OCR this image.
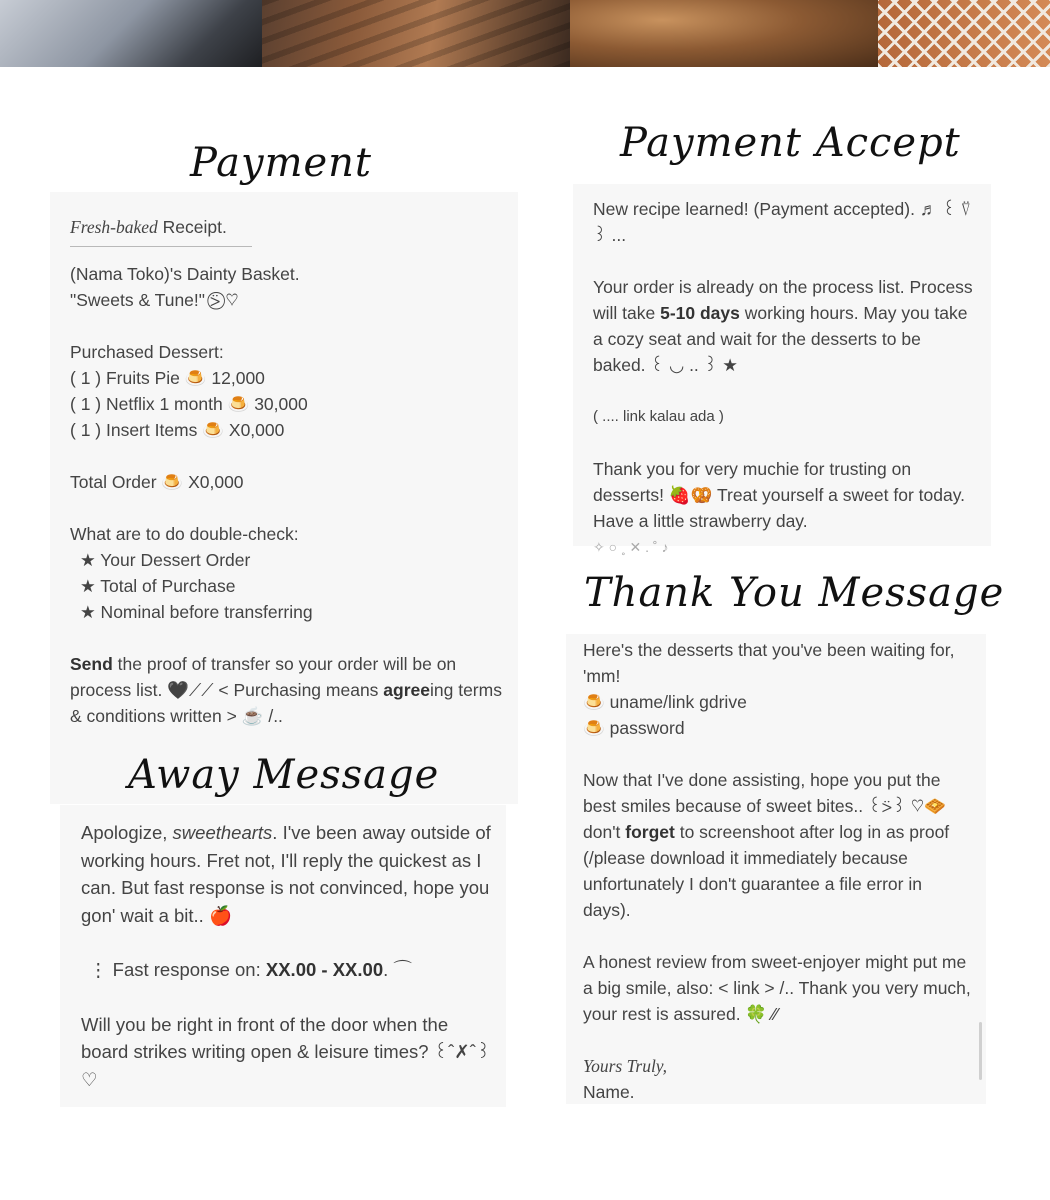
Payment

Fresh-baked Receipt.

(Nama Toko)'s Dainty Basket.

"Sweets & Tune!" ⍩⃝ ♡

Purchased Dessert:

( 1 ) Fruits Pie 🍮 12,000

( 1 ) Netflix 1 month 🍮 30,000

( 1 ) Insert Items 🍮 X0,000

Total Order 🍮 X0,000

What are to do double-check:

★ Your Dessert Order

★ Total of Purchase

★ Nominal before transferring

Send the proof of transfer so your order will be on process list. 🖤⟋⟋ < Purchasing means agreeing terms & conditions written > ☕ /..

Apologize, sweethearts. I've been away outside of working hours. Fret not, I'll reply the quickest as I can. But fast response is not convinced, hope you gon' wait a bit.. 🍎

⋮ Fast response on: XX.00 - XX.00. ⌒

Will you be right in front of the door when the board strikes writing open & leisure times? ꒰ˆ✗ˆ꒱ ♡

Away Message
Payment Accept

New recipe learned! (Payment accepted). ♬ ꒰ ⍢ ꒱ ...

Your order is already on the process list. Process will take 5-10 days working hours. May you take a cozy seat and wait for the desserts to be baked. ꒰ ◡ .. ꒱ ★

( .... link kalau ada )

Thank you for very muchie for trusting on desserts! 🍓🥨 Treat yourself a sweet for today. Have a little strawberry day.

✧ ○ ˳ ✕ . ˚ ♪

Here's the desserts that you've been waiting for, 'mm!

🍮 uname/link gdrive

🍮 password

Now that I've done assisting, hope you put the best smiles because of sweet bites.. ꒰⍩꒱ ♡🧇 don't forget to screenshoot after log in as proof (/please download it immediately because unfortunately I don't guarantee a file error in days).

A honest review from sweet-enjoyer might put me a big smile, also: < link > /.. Thank you very much, your rest is assured. 🍀 ⁄⁄

Yours Truly,

Name.

Thank You Message
